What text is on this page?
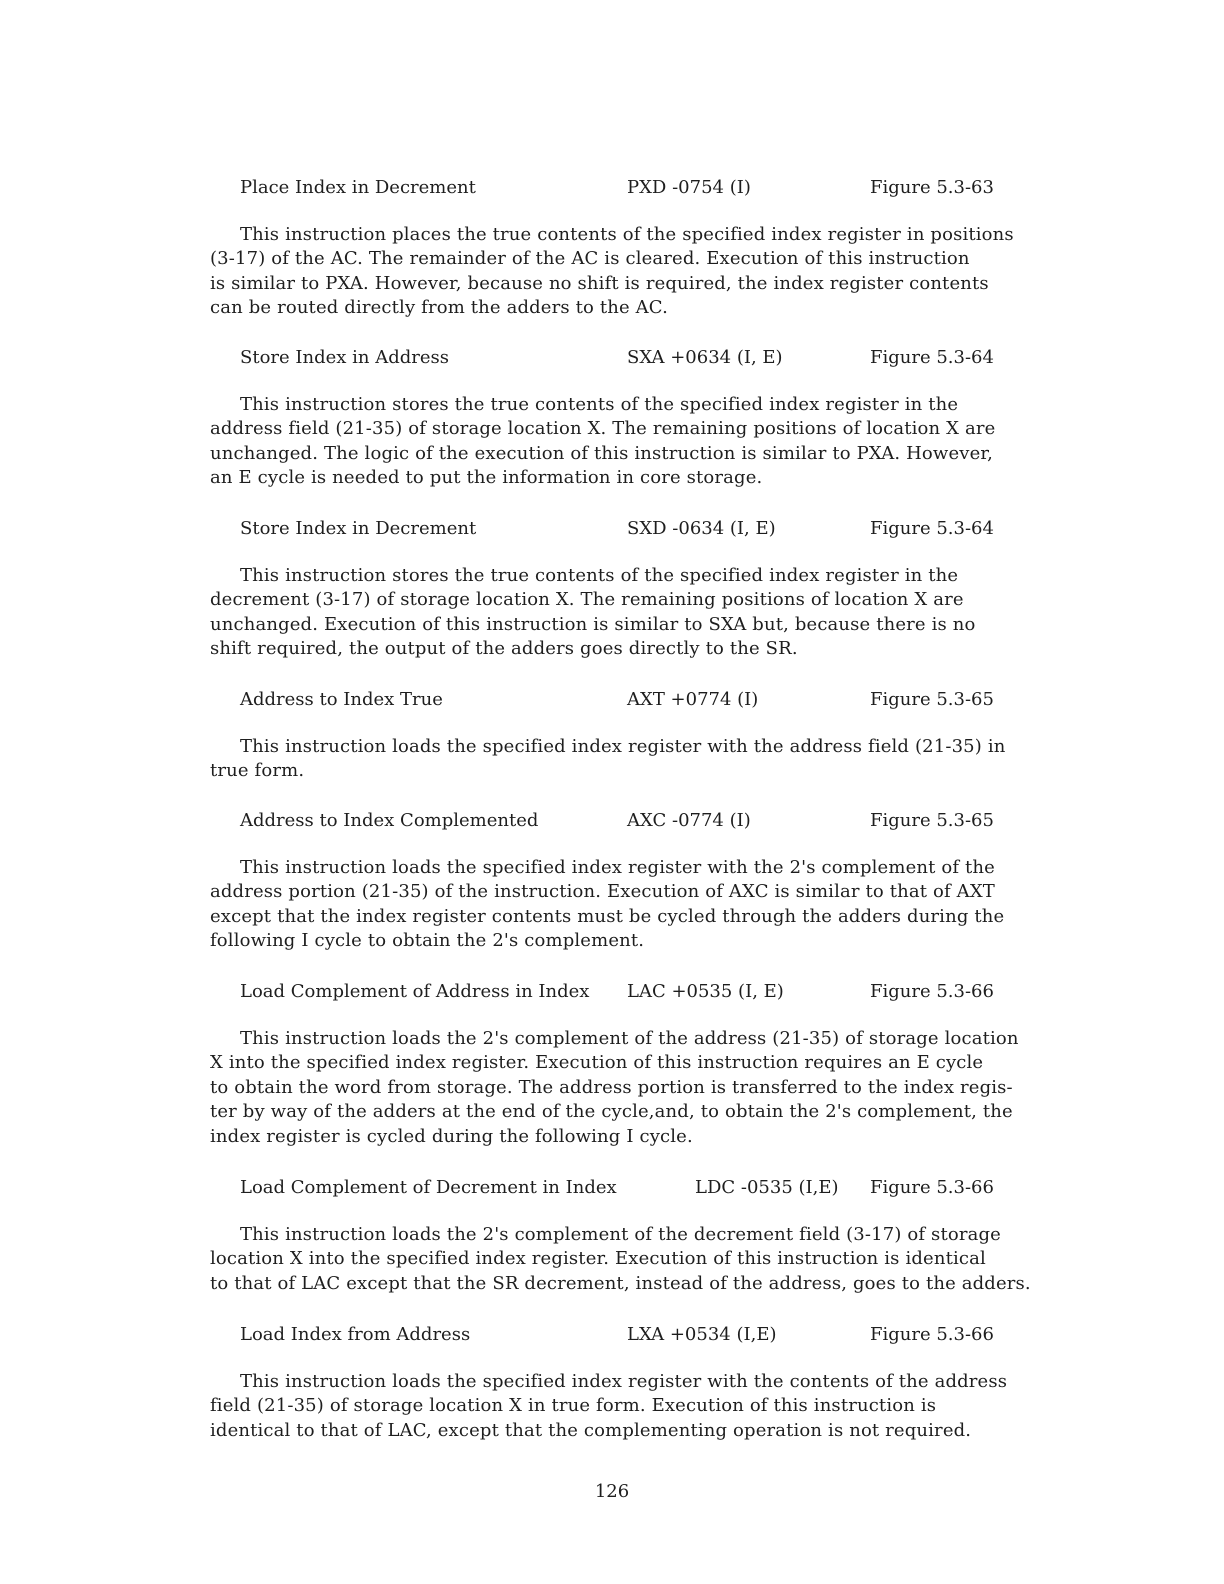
Place Index in Decrement	PXD -0754 (I)	Figure 5.3-63
This instruction places the true contents of the specified index register in positions
(3-17) of the AC. The remainder of the AC is cleared. Execution of this instruction
is similar to PXA. However, because no shift is required, the index register contents
can be routed directly from the adders to the AC.
Store Index in Address	SXA +0634 (I, E)	Figure 5.3-64
This instruction stores the true contents of the specified index register in the
address field (21-35) of storage location X. The remaining positions of location X are
unchanged. The logic of the execution of this instruction is similar to PXA. However,
an E cycle is needed to put the information in core storage.
Store Index in Decrement	SXD -0634 (I, E)	Figure 5.3-64
This instruction stores the true contents of the specified index register in the
decrement (3-17) of storage location X. The remaining positions of location X are
unchanged. Execution of this instruction is similar to SXA but, because there is no
shift required, the output of the adders goes directly to the SR.
Address to Index True	AXT +0774 (I)	Figure 5.3-65
This instruction loads the specified index register with the address field (21-35) in
true form.
Address to Index Complemented	AXC -0774 (I)	Figure 5.3-65
This instruction loads the specified index register with the 2's complement of the
address portion (21-35) of the instruction. Execution of AXC is similar to that of AXT
except that the index register contents must be cycled through the adders during the
following I cycle to obtain the 2's complement.
Load Complement of Address in Index LAC +0535 (I, E)	Figure 5.3-66
This instruction loads the 2's complement of the address (21-35) of storage location
X into the specified index register. Execution of this instruction requires an E cycle
to obtain the word from storage. The address portion is transferred to the index regis-
ter by way of the adders at the end of the cycle,and, to obtain the 2's complement, the
index register is cycled during the following I cycle.
Load Complement of Decrement in Index	LDC -0535 (I,E) Figure 5.3-66
This instruction loads the 2's complement of the decrement field (3-17) of storage
location X into the specified index register. Execution of this instruction is identical
to that of LAC except that the SR decrement, instead of the address, goes to the adders.
Load Index from Address	LXA +0534 (I,E)	Figure 5.3-66
This instruction loads the specified index register with the contents of the address
field (21-35) of storage location X in true form. Execution of this instruction is
identical to that of LAC, except that the complementing operation is not required.
126
